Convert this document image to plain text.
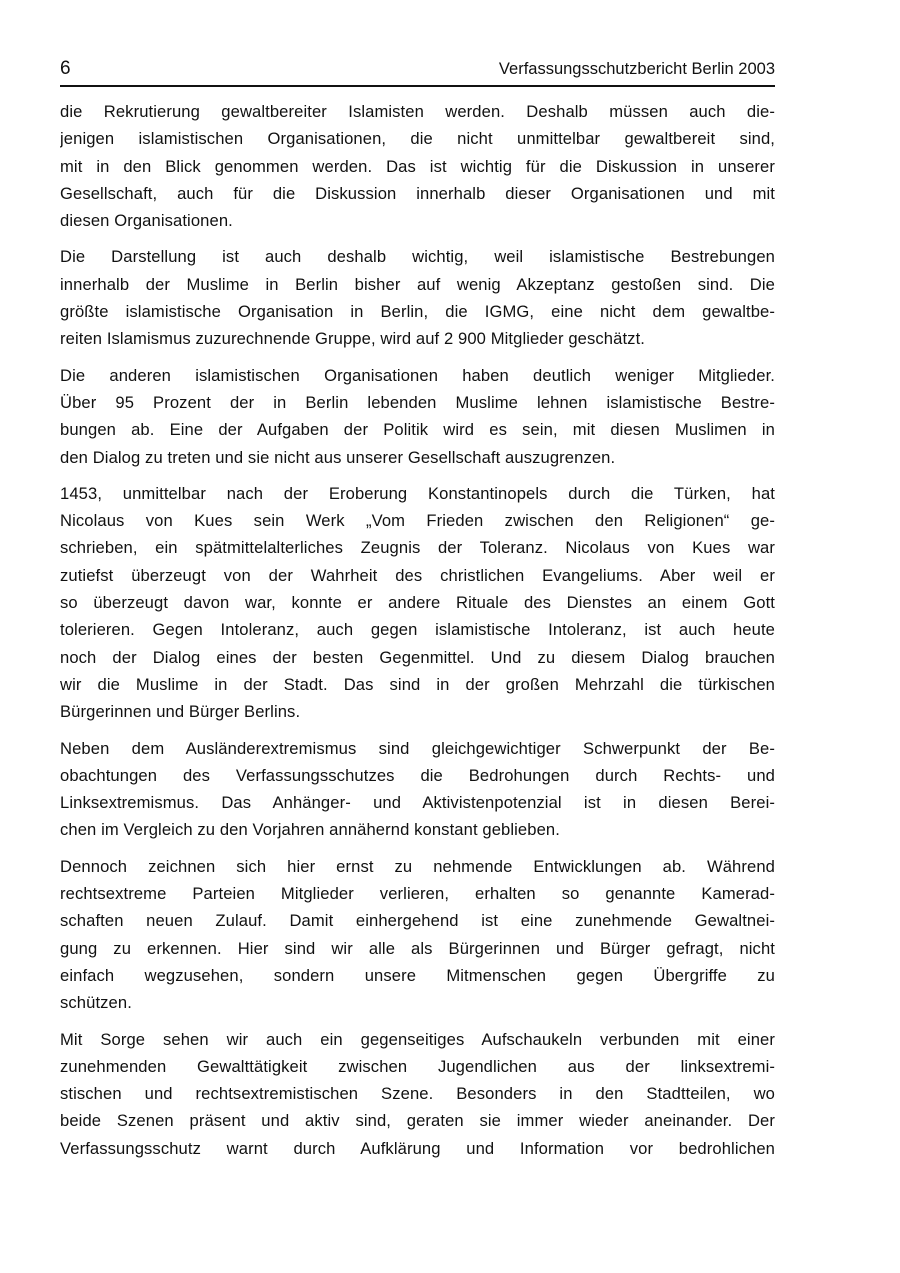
6	Verfassungsschutzbericht Berlin 2003
die Rekrutierung gewaltbereiter Islamisten werden. Deshalb müssen auch die-
jenigen islamistischen Organisationen, die nicht unmittelbar gewaltbereit sind,
mit in den Blick genommen werden. Das ist wichtig für die Diskussion in unserer
Gesellschaft, auch für die Diskussion innerhalb dieser Organisationen und mit
diesen Organisationen.
Die Darstellung ist auch deshalb wichtig, weil islamistische Bestrebungen
innerhalb der Muslime in Berlin bisher auf wenig Akzeptanz gestoßen sind. Die
größte islamistische Organisation in Berlin, die IGMG, eine nicht dem gewaltbe-
reiten Islamismus zuzurechnende Gruppe, wird auf 2 900 Mitglieder geschätzt.
Die anderen islamistischen Organisationen haben deutlich weniger Mitglieder.
Über 95 Prozent der in Berlin lebenden Muslime lehnen islamistische Bestre-
bungen ab. Eine der Aufgaben der Politik wird es sein, mit diesen Muslimen in
den Dialog zu treten und sie nicht aus unserer Gesellschaft auszugrenzen.
1453, unmittelbar nach der Eroberung Konstantinopels durch die Türken, hat
Nicolaus von Kues sein Werk „Vom Frieden zwischen den Religionen“ ge-
schrieben, ein spätmittelalterliches Zeugnis der Toleranz. Nicolaus von Kues war
zutiefst überzeugt von der Wahrheit des christlichen Evangeliums. Aber weil er
so überzeugt davon war, konnte er andere Rituale des Dienstes an einem Gott
tolerieren. Gegen Intoleranz, auch gegen islamistische Intoleranz, ist auch heute
noch der Dialog eines der besten Gegenmittel. Und zu diesem Dialog brauchen
wir die Muslime in der Stadt. Das sind in der großen Mehrzahl die türkischen
Bürgerinnen und Bürger Berlins.
Neben dem Ausländerextremismus sind gleichgewichtiger Schwerpunkt der Be-
obachtungen des Verfassungsschutzes die Bedrohungen durch Rechts- und
Linksextremismus. Das Anhänger- und Aktivistenpotenzial ist in diesen Berei-
chen im Vergleich zu den Vorjahren annähernd konstant geblieben.
Dennoch zeichnen sich hier ernst zu nehmende Entwicklungen ab. Während
rechtsextreme Parteien Mitglieder verlieren, erhalten so genannte Kamerad-
schaften neuen Zulauf. Damit einhergehend ist eine zunehmende Gewaltnei-
gung zu erkennen. Hier sind wir alle als Bürgerinnen und Bürger gefragt, nicht
einfach wegzusehen, sondern unsere Mitmenschen gegen Übergriffe zu
schützen.
Mit Sorge sehen wir auch ein gegenseitiges Aufschaukeln verbunden mit einer
zunehmenden Gewalttätigkeit zwischen Jugendlichen aus der linksextremi-
stischen und rechtsextremistischen Szene. Besonders in den Stadtteilen, wo
beide Szenen präsent und aktiv sind, geraten sie immer wieder aneinander. Der
Verfassungsschutz warnt durch Aufklärung und Information vor bedrohlichen
